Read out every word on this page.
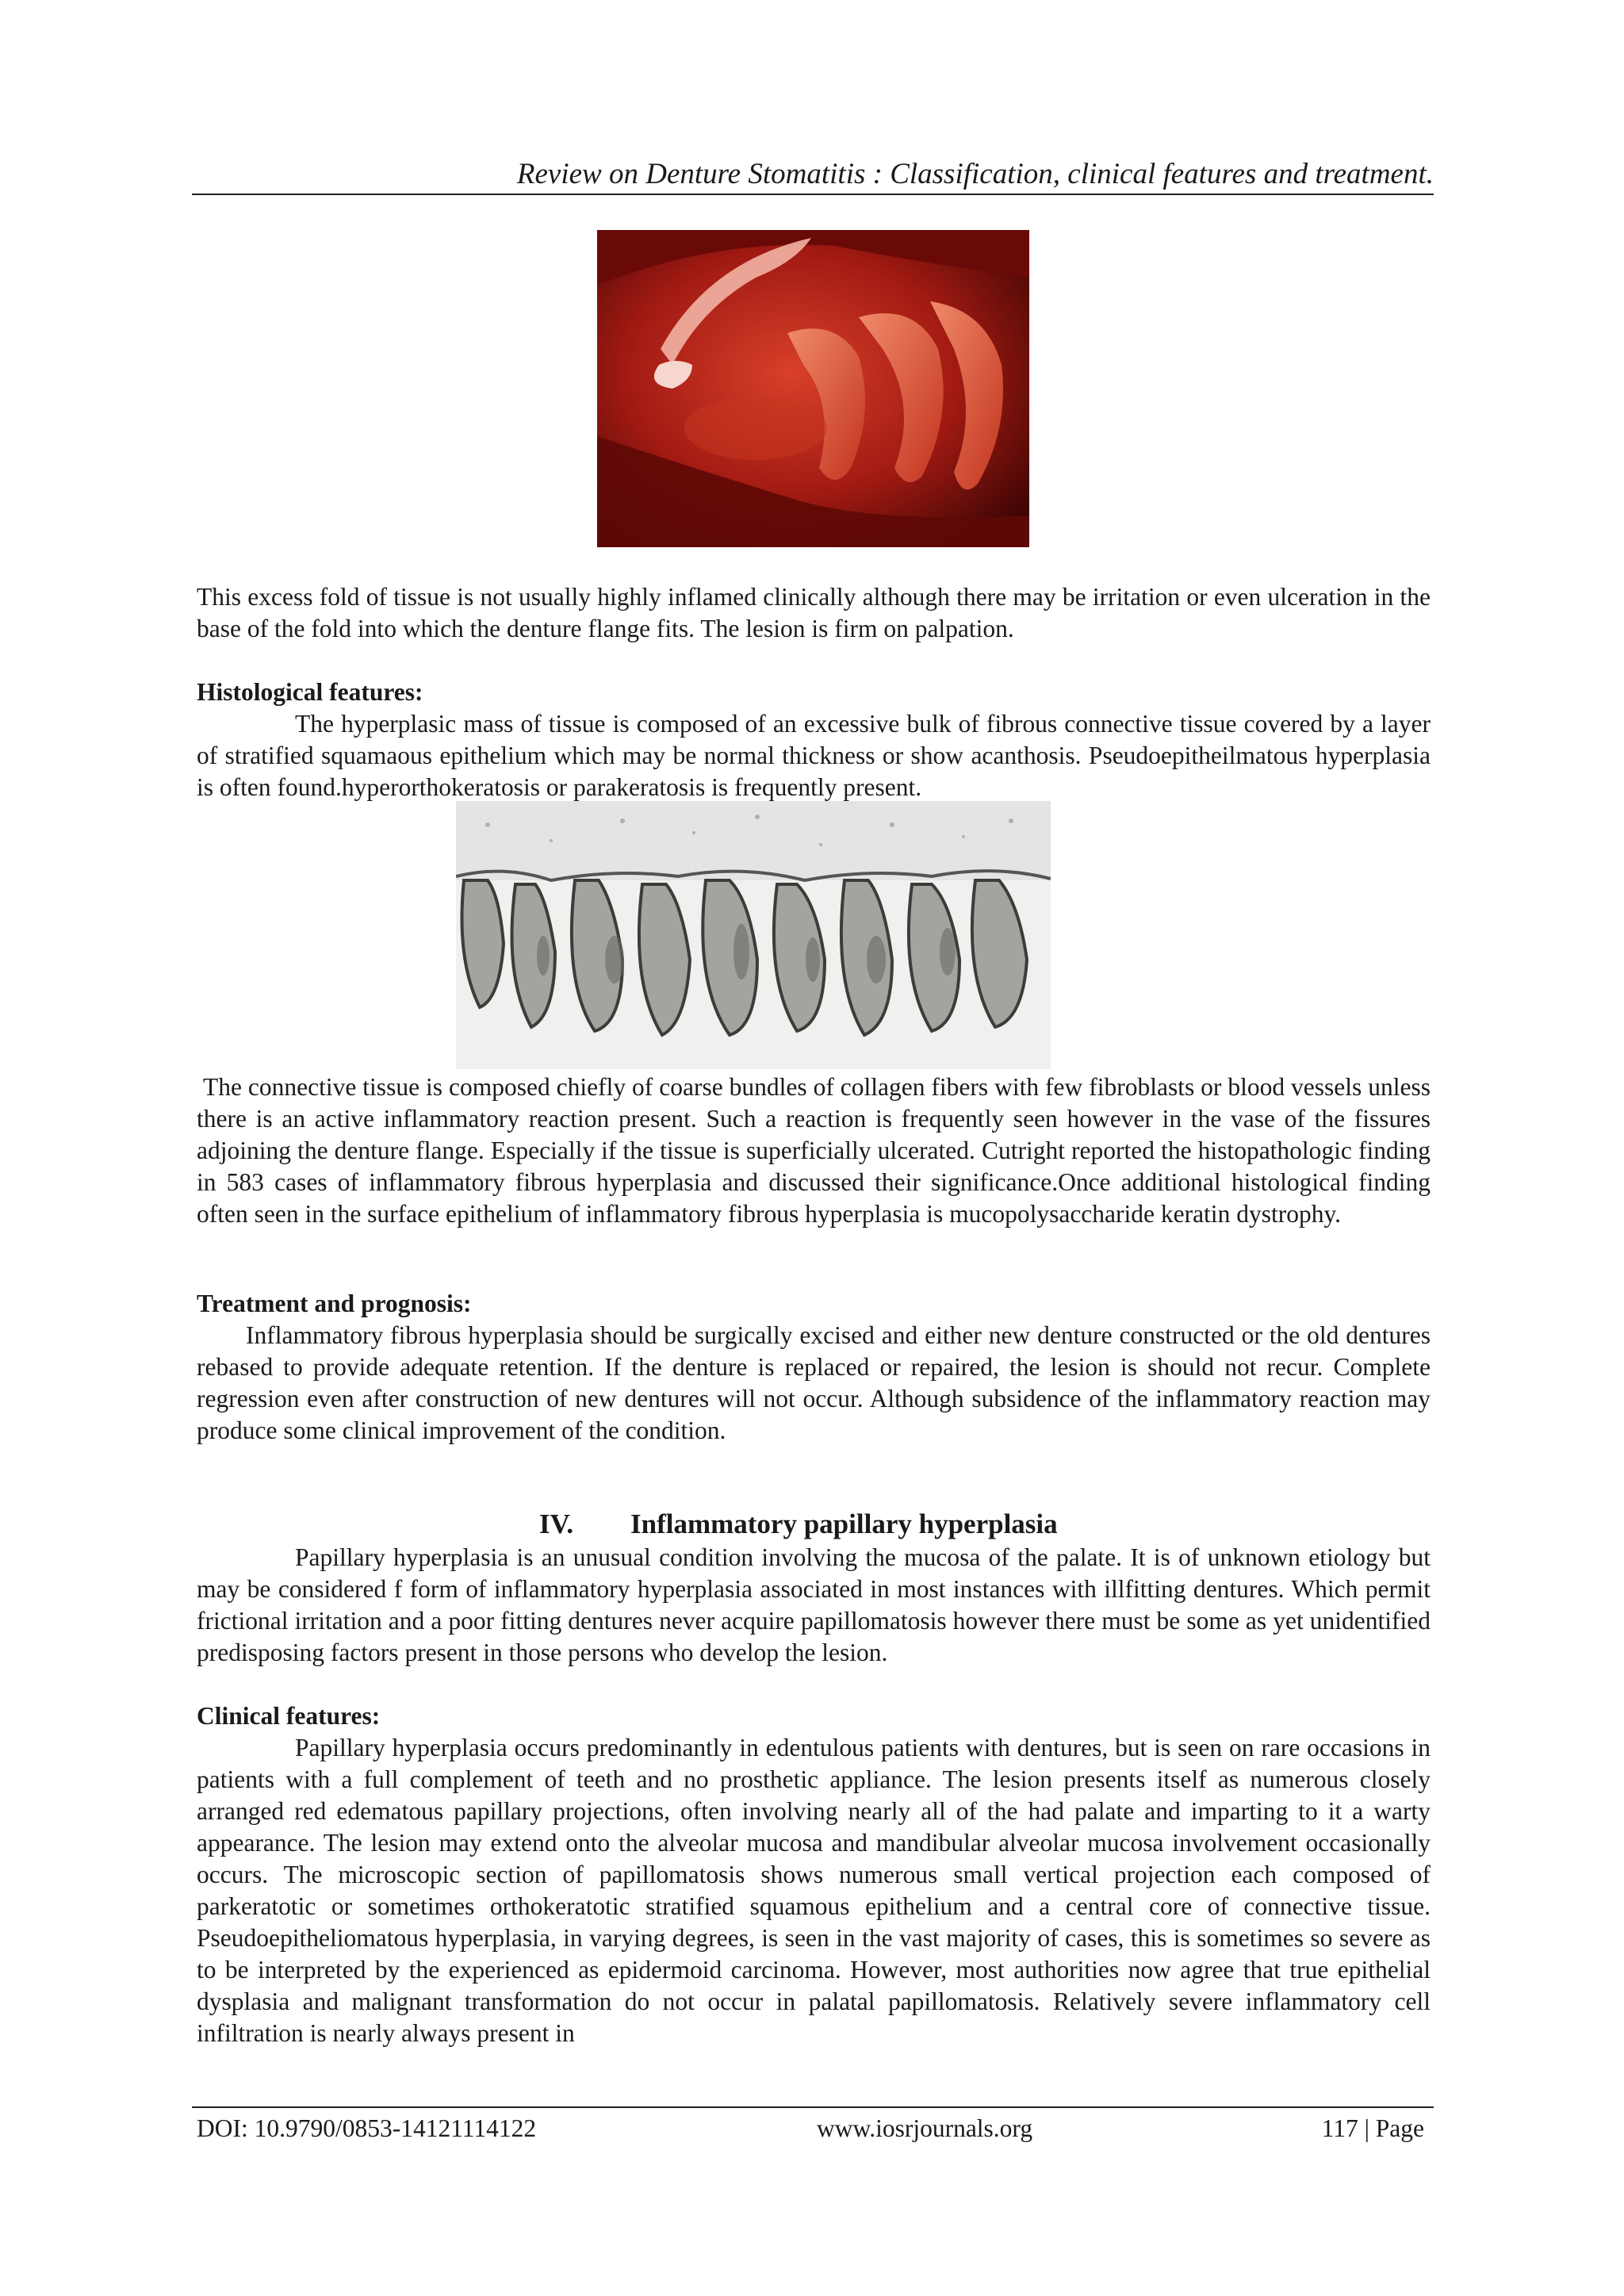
Review on Denture Stomatitis : Classification, clinical features and treatment.

This excess fold of tissue is not usually highly inflamed clinically although there may be irritation or even ulceration in the base of the fold into which the denture flange fits. The lesion is firm on palpation.

Histological features:

The hyperplasic mass of tissue is composed of an excessive bulk of fibrous connective tissue covered by a layer of stratified squamaous epithelium which may be normal thickness or show acanthosis. Pseudoepitheilmatous hyperplasia is often found.hyperorthokeratosis or parakeratosis is frequently present.

The connective tissue is composed chiefly of coarse bundles of collagen fibers with few fibroblasts or blood vessels unless there is an active inflammatory reaction present. Such a reaction is frequently seen however in the vase of the fissures adjoining the denture flange. Especially if the tissue is superficially ulcerated. Cutright reported the histopathologic finding in 583 cases of inflammatory fibrous hyperplasia and discussed their significance.Once additional histological finding often seen in the surface epithelium of inflammatory fibrous hyperplasia is mucopolysaccharide keratin dystrophy.

Treatment and prognosis:

Inflammatory fibrous hyperplasia should be surgically excised and either new denture constructed or the old dentures rebased to provide adequate retention. If the denture is replaced or repaired, the lesion is should not recur. Complete regression even after construction of new dentures will not occur. Although subsidence of the inflammatory reaction may produce some clinical improvement of the condition.

IV. Inflammatory papillary hyperplasia

Papillary hyperplasia is an unusual condition involving the mucosa of the palate. It is of unknown etiology but may be considered f form of inflammatory hyperplasia associated in most instances with illfitting dentures. Which permit frictional irritation and a poor fitting dentures never acquire papillomatosis however there must be some as yet unidentified predisposing factors present in those persons who develop the lesion.

Clinical features:

Papillary hyperplasia occurs predominantly in edentulous patients with dentures, but is seen on rare occasions in patients with a full complement of teeth and no prosthetic appliance. The lesion presents itself as numerous closely arranged red edematous papillary projections, often involving nearly all of the had palate and imparting to it a warty appearance. The lesion may extend onto the alveolar mucosa and mandibular alveolar mucosa involvement occasionally occurs. The microscopic section of papillomatosis shows numerous small vertical projection each composed of parkeratotic or sometimes orthokeratotic stratified squamous epithelium and a central core of connective tissue. Pseudoepitheliomatous hyperplasia, in varying degrees, is seen in the vast majority of cases, this is sometimes so severe as to be interpreted by the experienced as epidermoid carcinoma. However, most authorities now agree that true epithelial dysplasia and malignant transformation do not occur in palatal papillomatosis. Relatively severe inflammatory cell infiltration is nearly always present in

DOI: 10.9790/0853-14121114122	www.iosrjournals.org	117 | Page
